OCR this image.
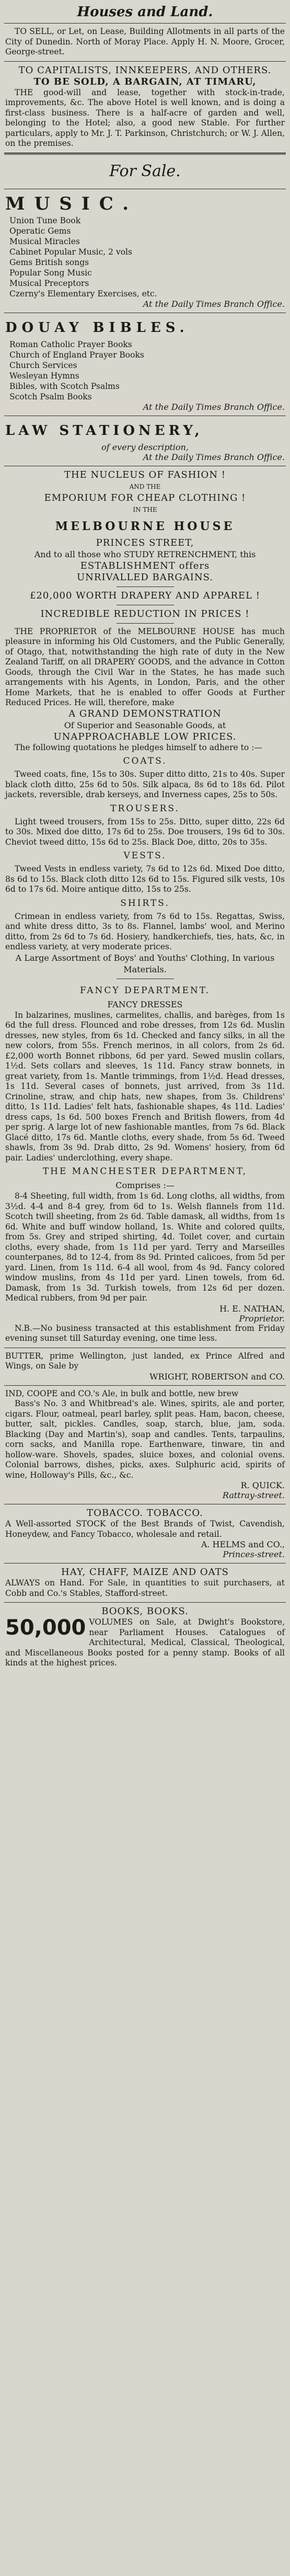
Houses and Land.

TO SELL, or Let, on Lease, Building Allotments in all parts of the City of Dunedin. North of Moray Place. Apply H. N. Moore, Grocer, George-street.

TO CAPITALISTS, INNKEEPERS, AND OTHERS.
TO BE SOLD, A BARGAIN, AT TIMARU,

THE good-will and lease, together with stock-in-trade, improvements, &c. The above Hotel is well known, and is doing a first-class business. There is a half-acre of garden and well, belonging to the Hotel; also, a good new Stable. For further particulars, apply to Mr. J. T. Parkinson, Christchurch; or W. J. Allen, on the premises.

For Sale.
MUSIC.
Union Tune Book
Operatic Gems
Musical Miracles
Cabinet Popular Music, 2 vols
Gems British songs
Popular Song Music
Musical Preceptors
Czerny's Elementary Exercises, etc.
At the Daily Times Branch Office.
DOUAY BIBLES.
Roman Catholic Prayer Books
Church of England Prayer Books
Church Services
Wesleyan Hymns
Bibles, with Scotch Psalms
Scotch Psalm Books
At the Daily Times Branch Office.
LAW STATIONERY,
of every description,
At the Daily Times Branch Office.
THE NUCLEUS OF FASHION !
AND THE
EMPORIUM FOR CHEAP CLOTHING !
IN THE
MELBOURNE HOUSE
PRINCES STREET,
And to all those who STUDY RETRENCHMENT, this
ESTABLISHMENT offers
UNRIVALLED BARGAINS.
£20,000 WORTH DRAPERY AND APPAREL !
INCREDIBLE REDUCTION IN PRICES !

THE PROPRIETOR of the MELBOURNE HOUSE has much pleasure in informing his Old Customers, and the Public Generally, of Otago, that, notwithstanding the high rate of duty in the New Zealand Tariff, on all DRAPERY GOODS, and the advance in Cotton Goods, through the Civil War in the States, he has made such arrangements with his Agents, in London, Paris, and the other Home Markets, that he is enabled to offer Goods at Further Reduced Prices. He will, therefore, make

A GRAND DEMONSTRATION
Of Superior and Seasonable Goods, at
UNAPPROACHABLE LOW PRICES.

The following quotations he pledges himself to adhere to :—

COATS.

Tweed coats, fine, 15s to 30s. Super ditto ditto, 21s to 40s. Super black cloth ditto, 25s 6d to 50s. Silk alpaca, 8s 6d to 18s 6d. Pilot jackets, reversible, drab kerseys, and Inverness capes, 25s to 50s.

TROUSERS.

Light tweed trousers, from 15s to 25s. Ditto, super ditto, 22s 6d to 30s. Mixed doe ditto, 17s 6d to 25s. Doe trousers, 19s 6d to 30s. Cheviot tweed ditto, 15s 6d to 25s. Black Doe, ditto, 20s to 35s.

VESTS.

Tweed Vests in endless variety, 7s 6d to 12s 6d. Mixed Doe ditto, 8s 6d to 15s. Black cloth ditto 12s 6d to 15s. Figured silk vests, 10s 6d to 17s 6d. Moire antique ditto, 15s to 25s.

SHIRTS.

Crimean in endless variety, from 7s 6d to 15s. Regattas, Swiss, and white dress ditto, 3s to 8s. Flannel, lambs' wool, and Merino ditto, from 2s 6d to 7s 6d. Hosiery, handkerchiefs, ties, hats, &c, in endless variety, at very moderate prices.

A Large Assortment of Boys' and Youths' Clothing, In various Materials.
FANCY DEPARTMENT.
FANCY DRESSES

In balzarines, muslines, carmelites, challis, and barèges, from 1s 6d the full dress. Flounced and robe dresses, from 12s 6d. Muslin dresses, new styles, from 6s 1d. Checked and fancy silks, in all the new colors, from 55s. French merinos, in all colors, from 2s 6d. £2,000 worth Bonnet ribbons, 6d per yard. Sewed muslin collars, 1½d. Sets collars and sleeves, 1s 11d. Fancy straw bonnets, in great variety, from 1s. Mantle trimmings, from 1½d. Head dresses, 1s 11d. Several cases of bonnets, just arrived, from 3s 11d. Crinoline, straw, and chip hats, new shapes, from 3s. Childrens' ditto, 1s 11d. Ladies' felt hats, fashionable shapes, 4s 11d. Ladies' dress caps, 1s 6d. 500 boxes French and British flowers, from 4d per sprig. A large lot of new fashionable mantles, from 7s 6d. Black Glacé ditto, 17s 6d. Mantle cloths, every shade, from 5s 6d. Tweed shawls, from 3s 9d. Drab ditto, 2s 9d. Womens' hosiery, from 6d pair. Ladies' underclothing, every shape.

THE MANCHESTER DEPARTMENT,
Comprises :—

8-4 Sheeting, full width, from 1s 6d. Long cloths, all widths, from 3½d. 4-4 and 8-4 grey, from 6d to 1s. Welsh flannels from 11d. Scotch twill sheeting, from 2s 6d. Table damask, all widths, from 1s 6d. White and buff window holland, 1s. White and colored quilts, from 5s. Grey and striped shirting, 4d. Toilet cover, and curtain cloths, every shade, from 1s 11d per yard. Terry and Marseilles counterpanes, 8d to 12-4, from 8s 9d. Printed calicoes, from 5d per yard. Linen, from 1s 11d. 6-4 all wool, from 4s 9d. Fancy colored window muslins, from 4s 11d per yard. Linen towels, from 6d. Damask, from 1s 3d. Turkish towels, from 12s 6d per dozen. Medical rubbers, from 9d per pair.

H. E. NATHAN,
Proprietor.

N.B.—No business transacted at this establishment from Friday evening sunset till Saturday evening, one time less.

BUTTER, prime Wellington, just landed, ex Prince Alfred and Wings, on Sale by

WRIGHT, ROBERTSON and CO.

IND, COOPE and CO.'s Ale, in bulk and bottle, new brew

Bass's No. 3 and Whitbread's ale. Wines, spirits, ale and porter, cigars. Flour, oatmeal, pearl barley, split peas. Ham, bacon, cheese, butter, salt, pickles. Candles, soap, starch, blue, jam, soda. Blacking (Day and Martin's), soap and candles. Tents, tarpaulins, corn sacks, and Manilla rope. Earthenware, tinware, tin and hollow-ware. Shovels, spades, sluice boxes, and colonial ovens. Colonial barrows, dishes, picks, axes. Sulphuric acid, spirits of wine, Holloway's Pills, &c., &c.

R. QUICK.
Rattray-street.
TOBACCO. TOBACCO.

A Well-assorted STOCK of the Best Brands of Twist, Cavendish, Honeydew, and Fancy Tobacco, wholesale and retail.

A. HELMS and CO.,
Princes-street.
HAY, CHAFF, MAIZE AND OATS

ALWAYS on Hand. For Sale, in quantities to suit purchasers, at Cobb and Co.'s Stables, Stafford-street.

BOOKS, BOOKS.
50,000 VOLUMES on Sale, at Dwight's Bookstore, near Parliament Houses. Catalogues of Architectural, Medical, Classical, Theological, and Miscellaneous Books posted for a penny stamp. Books of all kinds at the highest prices.
